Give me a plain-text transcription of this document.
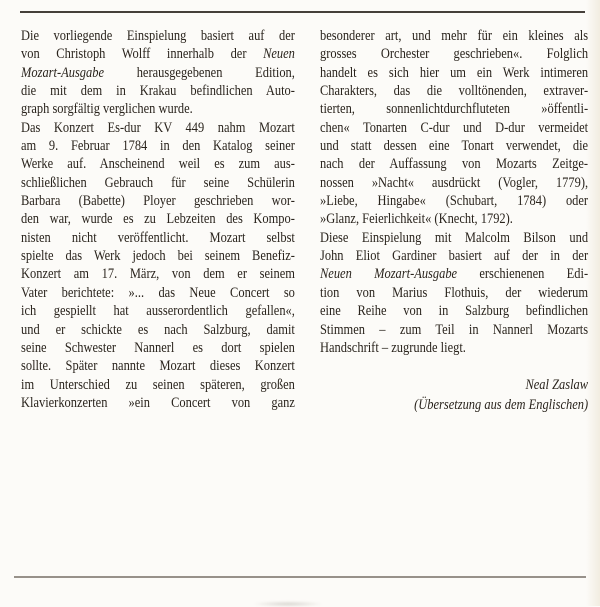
Die vorliegende Einspielung basiert auf der
von Christoph Wolff innerhalb der Neuen
Mozart-Ausgabe herausgegebenen Edition,
die mit dem in Krakau befindlichen Auto-
graph sorgfältig verglichen wurde.
Das Konzert Es-dur KV 449 nahm Mozart
am 9. Februar 1784 in den Katalog seiner
Werke auf. Anscheinend weil es zum aus-
schließlichen Gebrauch für seine Schülerin
Barbara (Babette) Ployer geschrieben wor-
den war, wurde es zu Lebzeiten des Kompo-
nisten nicht veröffentlicht. Mozart selbst
spielte das Werk jedoch bei seinem Benefiz-
Konzert am 17. März, von dem er seinem
Vater berichtete: »... das Neue Concert so
ich gespiellt hat ausserordentlich gefallen«,
und er schickte es nach Salzburg, damit
seine Schwester Nannerl es dort spielen
sollte. Später nannte Mozart dieses Konzert
im Unterschied zu seinen späteren, großen
Klavierkonzerten »ein Concert von ganz
besonderer art, und mehr für ein kleines als
grosses Orchester geschrieben«. Folglich
handelt es sich hier um ein Werk intimeren
Charakters, das die volltönenden, extraver-
tierten, sonnenlichtdurchfluteten »öffentli-
chen« Tonarten C-dur und D-dur vermeidet
und statt dessen eine Tonart verwendet, die
nach der Auffassung von Mozarts Zeitge-
nossen »Nacht« ausdrückt (Vogler, 1779),
»Liebe, Hingabe« (Schubart, 1784) oder
»Glanz, Feierlichkeit« (Knecht, 1792).
Diese Einspielung mit Malcolm Bilson und
John Eliot Gardiner basiert auf der in der
Neuen Mozart-Ausgabe erschienenen Edi-
tion von Marius Flothuis, der wiederum
eine Reihe von in Salzburg befindlichen
Stimmen – zum Teil in Nannerl Mozarts
Handschrift – zugrunde liegt.
Neal Zaslaw
(Übersetzung aus dem Englischen)
